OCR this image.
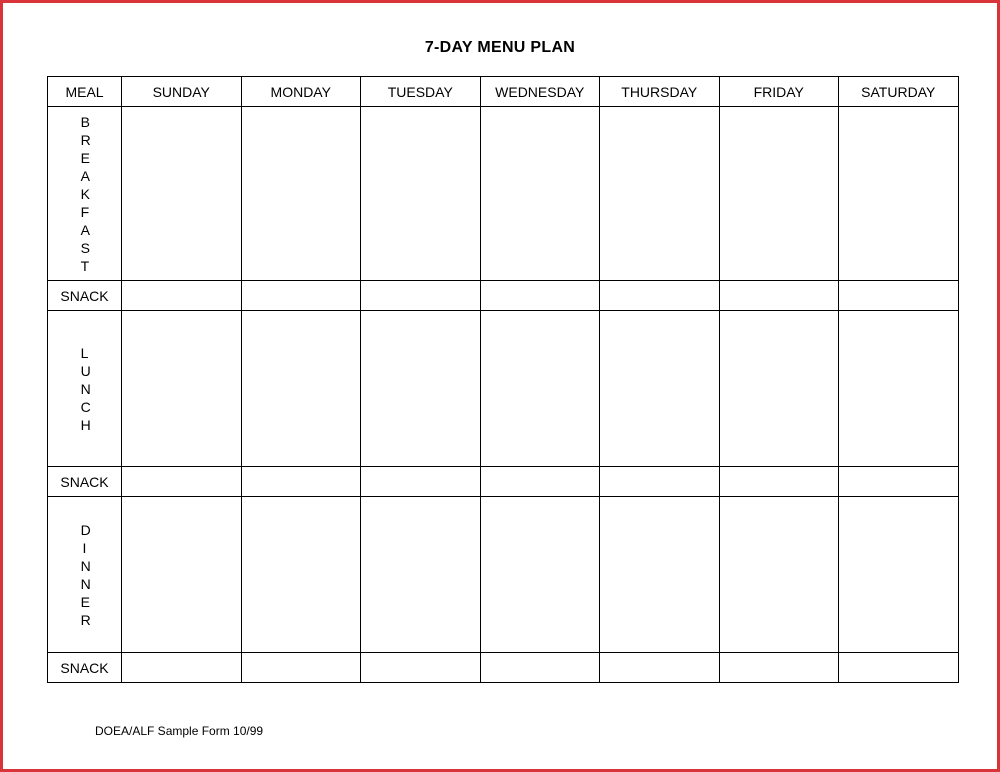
7-DAY MENU PLAN
MEAL	SUNDAY	MONDAY	TUESDAY	WEDNESDAY	THURSDAY	FRIDAY	SATURDAY

BREAKFAST							

SNACK							

LUNCH							

SNACK							

DINNER							

SNACK							
DOEA/ALF Sample Form 10/99
